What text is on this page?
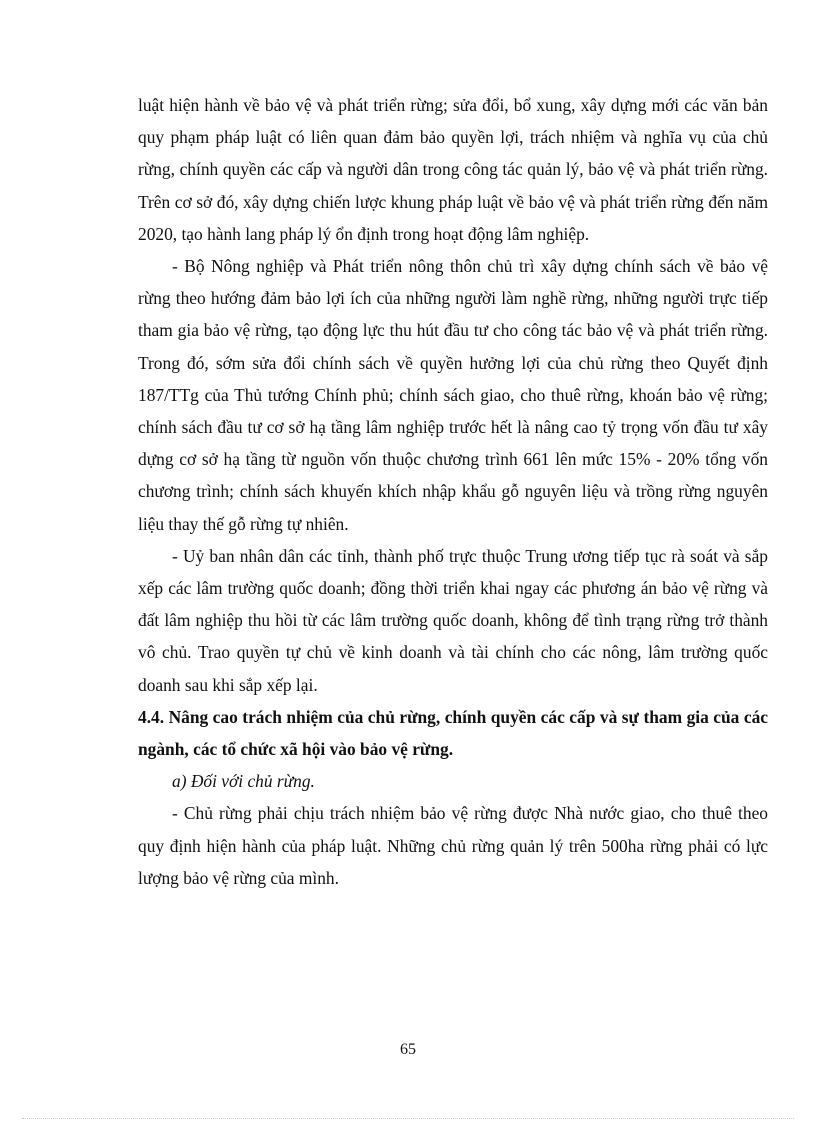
luật hiện hành về bảo vệ và phát triển rừng; sửa đổi, bổ xung, xây dựng mới các văn bản quy phạm pháp luật có liên quan đảm bảo quyền lợi, trách nhiệm và nghĩa vụ của chủ rừng, chính quyền các cấp và người dân trong công tác quản lý, bảo vệ và phát triển rừng. Trên cơ sở đó, xây dựng chiến lược khung pháp luật về bảo vệ và phát triển rừng đến năm 2020, tạo hành lang pháp lý ổn định trong hoạt động lâm nghiệp.

- Bộ Nông nghiệp và Phát triển nông thôn chủ trì xây dựng chính sách về bảo vệ rừng theo hướng đảm bảo lợi ích của những người làm nghề rừng, những người trực tiếp tham gia bảo vệ rừng, tạo động lực thu hút đầu tư cho công tác bảo vệ và phát triển rừng. Trong đó, sớm sửa đổi chính sách về quyền hưởng lợi của chủ rừng theo Quyết định 187/TTg của Thủ tướng Chính phủ; chính sách giao, cho thuê rừng, khoán bảo vệ rừng; chính sách đầu tư cơ sở hạ tầng lâm nghiệp trước hết là nâng cao tỷ trọng vốn đầu tư xây dựng cơ sở hạ tầng từ nguồn vốn thuộc chương trình 661 lên mức 15% - 20% tổng vốn chương trình; chính sách khuyến khích nhập khẩu gỗ nguyên liệu và trồng rừng nguyên liệu thay thế gỗ rừng tự nhiên.

- Uỷ ban nhân dân các tỉnh, thành phố trực thuộc Trung ương tiếp tục rà soát và sắp xếp các lâm trường quốc doanh; đồng thời triển khai ngay các phương án bảo vệ rừng và đất lâm nghiệp thu hồi từ các lâm trường quốc doanh, không để tình trạng rừng trở thành vô chủ. Trao quyền tự chủ về kinh doanh và tài chính cho các nông, lâm trường quốc doanh sau khi sắp xếp lại.

4.4. Nâng cao trách nhiệm của chủ rừng, chính quyền các cấp và sự tham gia của các ngành, các tổ chức xã hội vào bảo vệ rừng.

a) Đối với chủ rừng.

- Chủ rừng phải chịu trách nhiệm bảo vệ rừng được Nhà nước giao, cho thuê theo quy định hiện hành của pháp luật. Những chủ rừng quản lý trên 500ha rừng phải có lực lượng bảo vệ rừng của mình.

65
